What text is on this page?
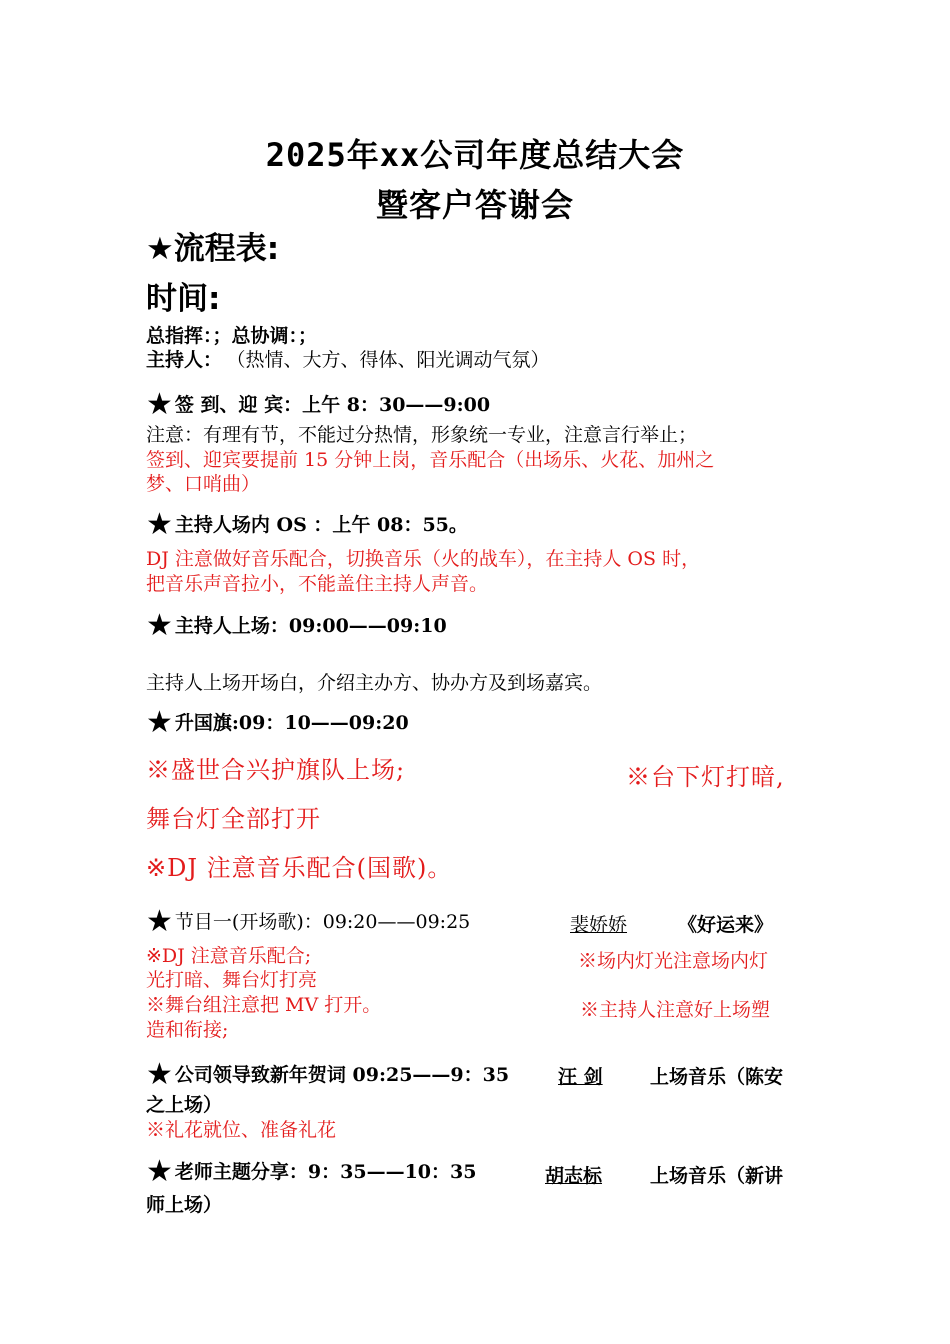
2025年xx公司年度总结大会
暨客户答谢会
★流程表:
时间:
总指挥：；总协调：；
主持人： （热情、大方、得体、阳光调动气氛）
★ 签 到、迎 宾：上午 8：30——9:00
注意：有理有节，不能过分热情，形象统一专业，注意言行举止；
签到、迎宾要提前 15 分钟上岗，音乐配合（出场乐、火花、加州之
梦、口哨曲）
★ 主持人场内 OS ：上午 08：55。
DJ 注意做好音乐配合，切换音乐（火的战车），在主持人 OS 时，
把音乐声音拉小，不能盖住主持人声音。
★ 主持人上场：09:00——09:10
主持人上场开场白，介绍主办方、协办方及到场嘉宾。
★ 升国旗:09：10——09:20
※盛世合兴护旗队上场;	※台下灯打暗,
舞台灯全部打开
※DJ 注意音乐配合(国歌)。
★ 节目一(开场歌)：09:20——09:25	裴娇娇	《好运来》
※DJ 注意音乐配合;	※场内灯光注意场内灯
光打暗、舞台灯打亮
※舞台组注意把 MV 打开。	※主持人注意好上场塑
造和衔接;
★ 公司领导致新年贺词 09:25——9：35	汪 剑 上场音乐（陈安
之上场）
※礼花就位、准备礼花
★ 老师主题分享：9：35——10：35	胡志标	上场音乐（新讲
师上场）
